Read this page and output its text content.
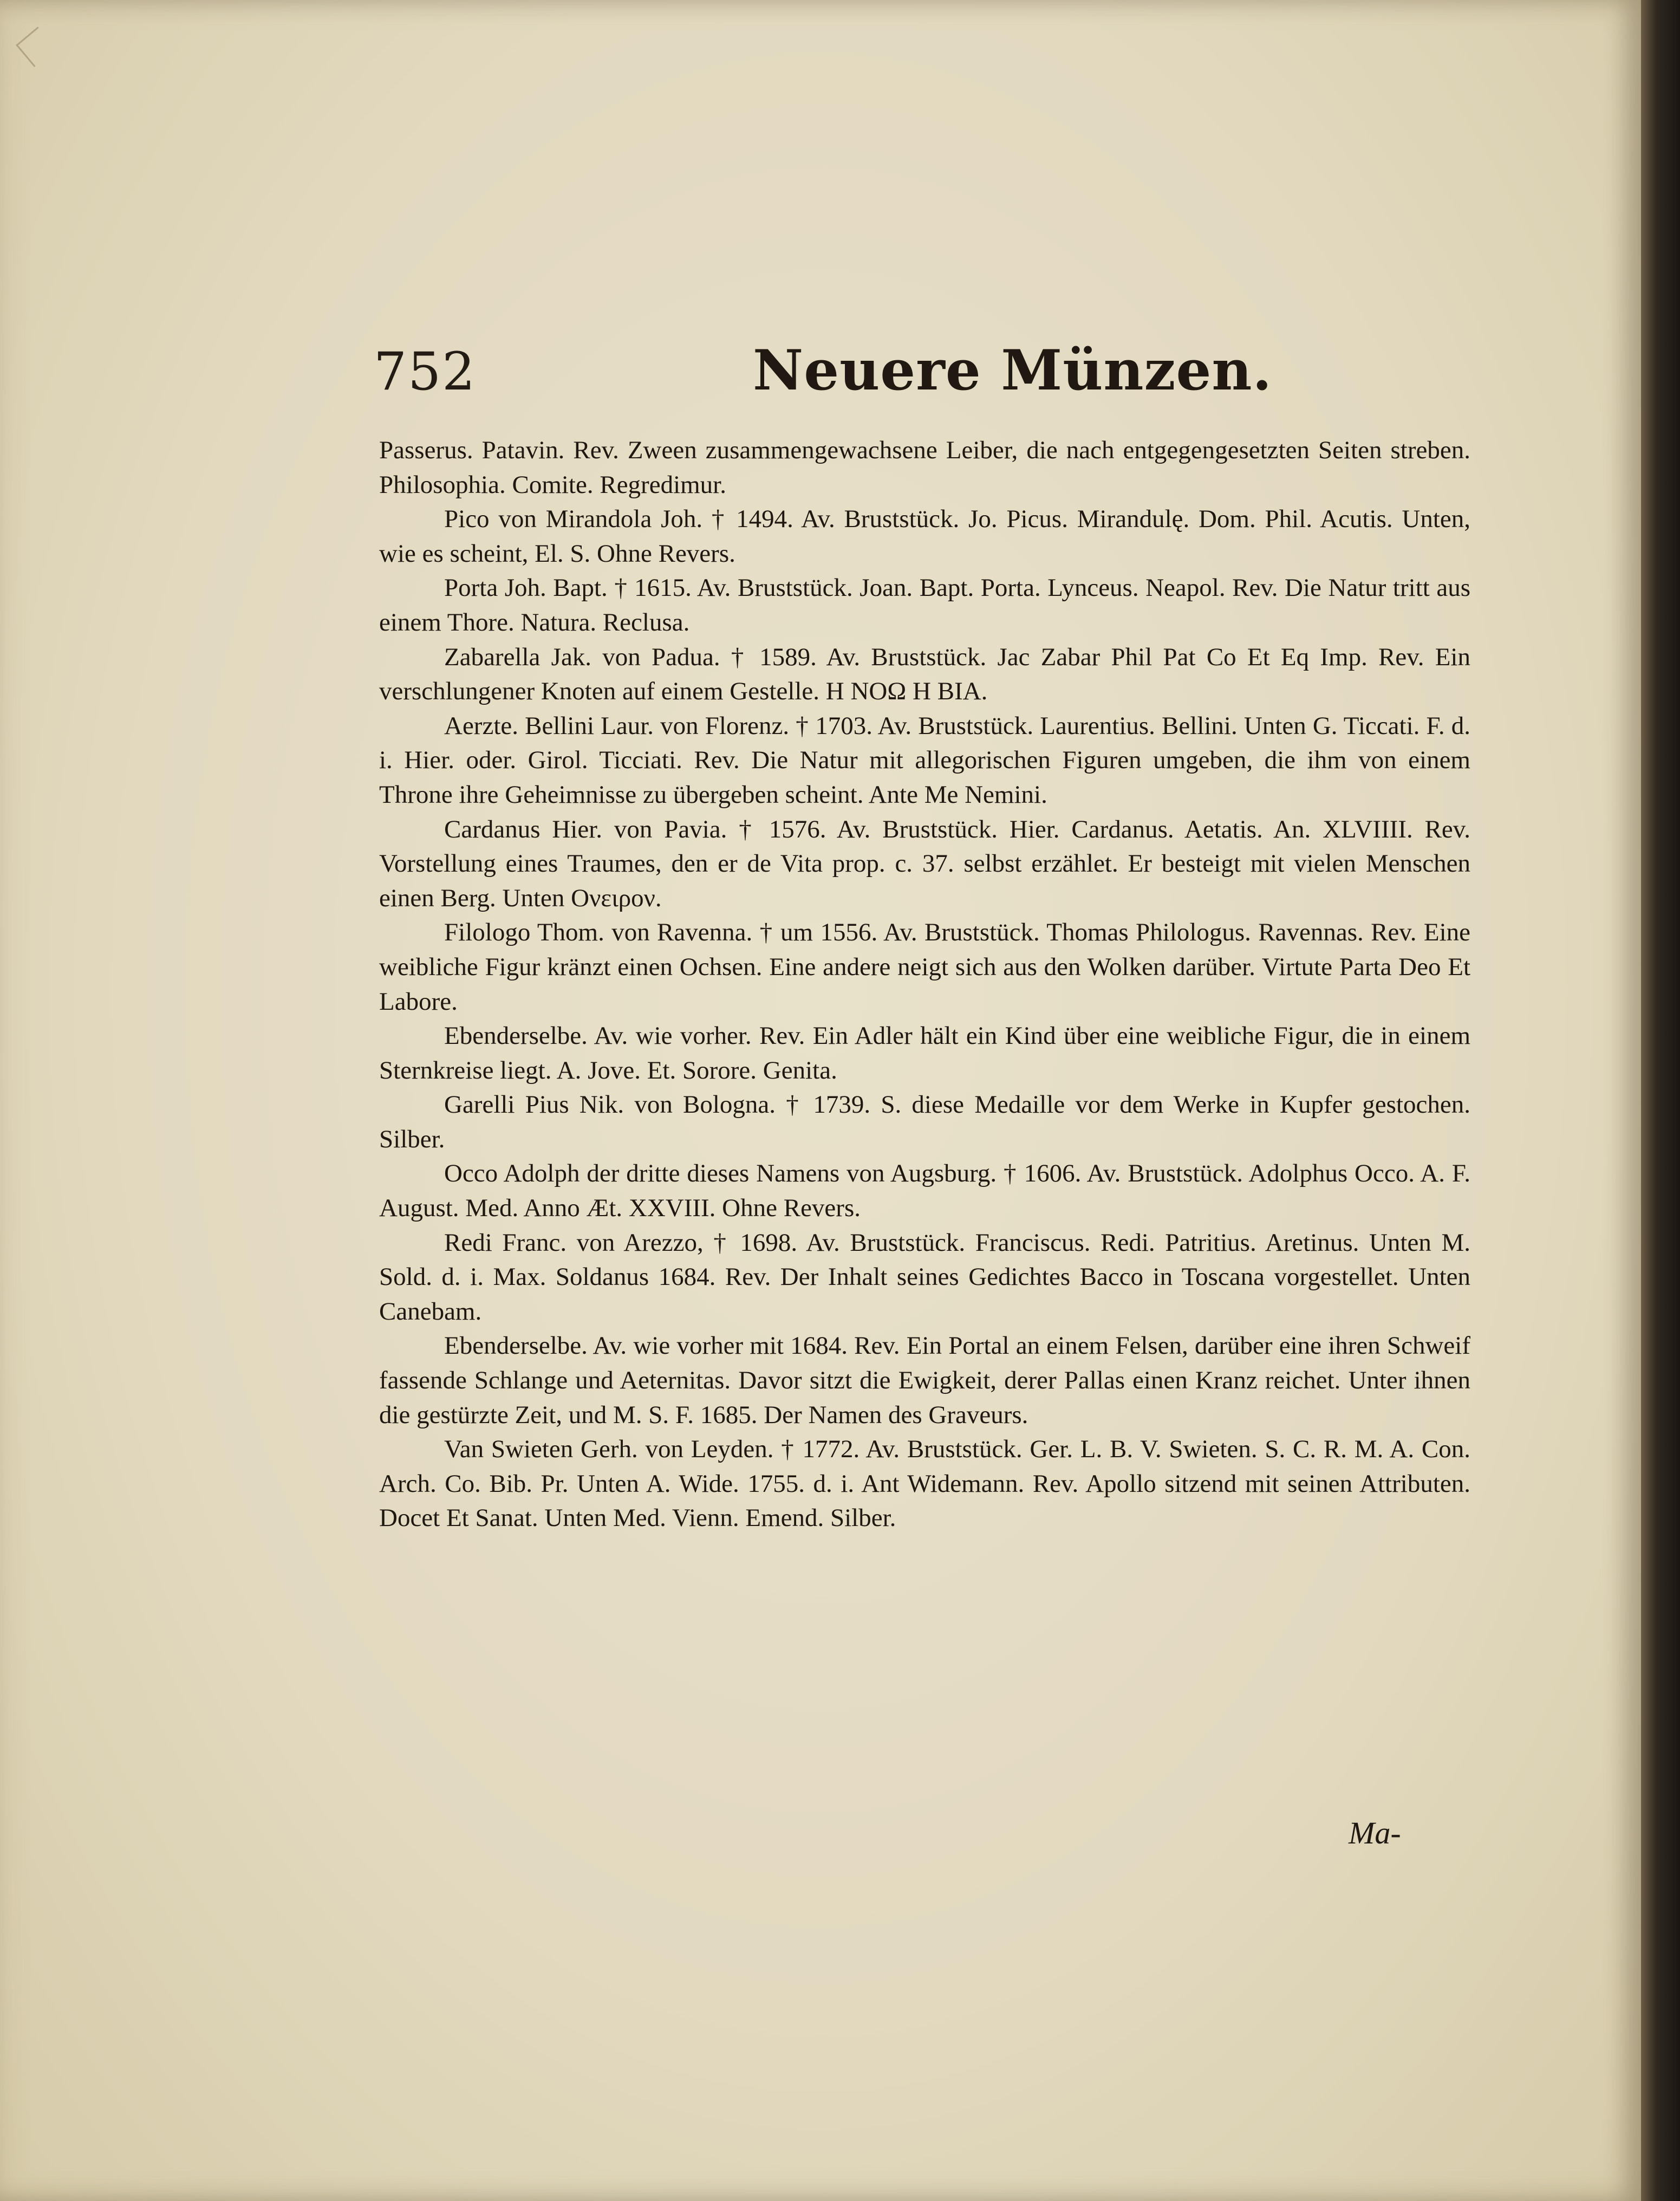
752	Neuere Münzen.

Passerus. Patavin. Rev. Zween zusammengewachsene Leiber, die nach entgegengesetzten Seiten streben. Philosophia. Comite. Regredimur.

Pico von Mirandola Joh. † 1494. Av. Bruststück. Jo. Picus. Mirandulę. Dom. Phil. Acutis. Unten, wie es scheint, El. S. Ohne Revers.

Porta Joh. Bapt. † 1615. Av. Bruststück. Joan. Bapt. Porta. Lynceus. Neapol. Rev. Die Natur tritt aus einem Thore. Natura. Reclusa.

Zabarella Jak. von Padua. † 1589. Av. Bruststück. Jac Zabar Phil Pat Co Et Eq Imp. Rev. Ein verschlungener Knoten auf einem Gestelle. Η ΝΟΩ Η ΒΙΑ.

Aerzte. Bellini Laur. von Florenz. † 1703. Av. Bruststück. Laurentius. Bellini. Unten G. Ticcati. F. d. i. Hier. oder. Girol. Ticciati. Rev. Die Natur mit allegorischen Figuren umgeben, die ihm von einem Throne ihre Geheimnisse zu übergeben scheint. Ante Me Nemini.

Cardanus Hier. von Pavia. † 1576. Av. Bruststück. Hier. Cardanus. Aetatis. An. XLVIIII. Rev. Vorstellung eines Traumes, den er de Vita prop. c. 37. selbst erzählet. Er besteigt mit vielen Menschen einen Berg. Unten Ονειρον.

Filologo Thom. von Ravenna. † um 1556. Av. Bruststück. Thomas Philologus. Ravennas. Rev. Eine weibliche Figur kränzt einen Ochsen. Eine andere neigt sich aus den Wolken darüber. Virtute Parta Deo Et Labore.

Ebenderselbe. Av. wie vorher. Rev. Ein Adler hält ein Kind über eine weibliche Figur, die in einem Sternkreise liegt. A. Jove. Et. Sorore. Genita.

Garelli Pius Nik. von Bologna. † 1739. S. diese Medaille vor dem Werke in Kupfer gestochen. Silber.

Occo Adolph der dritte dieses Namens von Augsburg. † 1606. Av. Bruststück. Adolphus Occo. A. F. August. Med. Anno Æt. XXVIII. Ohne Revers.

Redi Franc. von Arezzo, † 1698. Av. Bruststück. Franciscus. Redi. Patritius. Aretinus. Unten M. Sold. d. i. Max. Soldanus 1684. Rev. Der Inhalt seines Gedichtes Bacco in Toscana vorgestellet. Unten Canebam.

Ebenderselbe. Av. wie vorher mit 1684. Rev. Ein Portal an einem Felsen, darüber eine ihren Schweif fassende Schlange und Aeternitas. Davor sitzt die Ewigkeit, derer Pallas einen Kranz reichet. Unter ihnen die gestürzte Zeit, und M. S. F. 1685. Der Namen des Graveurs.

Van Swieten Gerh. von Leyden. † 1772. Av. Bruststück. Ger. L. B. V. Swieten. S. C. R. M. A. Con. Arch. Co. Bib. Pr. Unten A. Wide. 1755. d. i. Ant Widemann. Rev. Apollo sitzend mit seinen Attributen. Docet Et Sanat. Unten Med. Vienn. Emend. Silber.

Ma-
